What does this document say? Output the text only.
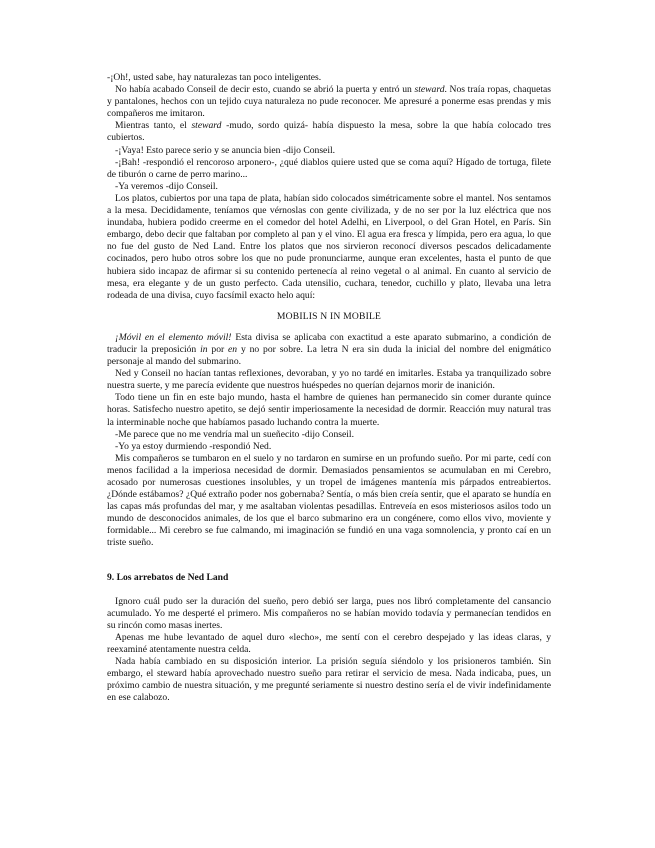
-¡Oh!, usted sabe, hay naturalezas tan poco inteligentes.

No había acabado Conseil de decir esto, cuando se abrió la puerta y entró un steward. Nos traía ropas, chaquetas y pantalones, hechos con un tejido cuya naturaleza no pude reconocer. Me apresuré a ponerme esas prendas y mis compañeros me imitaron.

Mientras tanto, el steward -mudo, sordo quizá- había dispuesto la mesa, sobre la que había colocado tres cubiertos.

-¡Vaya! Esto parece serio y se anuncia bien -dijo Conseil.

-¡Bah! -respondió el rencoroso arponero-, ¿qué diablos quiere usted que se coma aquí? Hígado de tortuga, filete de tiburón o carne de perro marino...

-Ya veremos -dijo Conseil.

Los platos, cubiertos por una tapa de plata, habían sido colocados simétricamente sobre el mantel. Nos sentamos a la mesa. Decididamente, teníamos que vérnoslas con gente civilizada, y de no ser por la luz eléctrica que nos inundaba, hubiera podido creerme en el comedor del hotel Adelhi, en Liverpool, o del Gran Hotel, en París. Sin embargo, debo decir que faltaban por completo al pan y el vino. El agua era fresca y límpida, pero era agua, lo que no fue del gusto de Ned Land. Entre los platos que nos sirvieron reconocí diversos pescados delicadamente cocinados, pero hubo otros sobre los que no pude pronunciarme, aunque eran excelentes, hasta el punto de que hubiera sido incapaz de afirmar si su contenido pertenecía al reino vegetal o al animal. En cuanto al servicio de mesa, era elegante y de un gusto perfecto. Cada utensilio, cuchara, tenedor, cuchillo y plato, llevaba una letra rodeada de una divisa, cuyo facsímil exacto helo aquí:

MOBILIS N IN MOBILE

¡Móvil en el elemento móvil! Esta divisa se aplicaba con exactitud a este aparato submarino, a condición de traducir la preposición in por en y no por sobre. La letra N era sin duda la inicial del nombre del enigmático personaje al mando del submarino.

Ned y Conseil no hacían tantas reflexiones, devoraban, y yo no tardé en imitarles. Estaba ya tranquilizado sobre nuestra suerte, y me parecía evidente que nuestros huéspedes no querían dejarnos morir de inanición.

Todo tiene un fin en este bajo mundo, hasta el hambre de quienes han permanecido sin comer durante quince horas. Satisfecho nuestro apetito, se dejó sentir imperiosamente la necesidad de dormir. Reacción muy natural tras la interminable noche que habíamos pasado luchando contra la muerte.

-Me parece que no me vendría mal un sueñecito -dijo Conseil.

-Yo ya estoy durmiendo -respondió Ned.

Mis compañeros se tumbaron en el suelo y no tardaron en sumirse en un profundo sueño. Por mi parte, cedí con menos facilidad a la imperiosa necesidad de dormir. Demasiados pensamientos se acumulaban en mi Cerebro, acosado por numerosas cuestiones insolubles, y un tropel de imágenes mantenía mis párpados entreabiertos. ¿Dónde estábamos? ¿Qué extraño poder nos gobernaba? Sentía, o más bien creía sentir, que el aparato se hundía en las capas más profundas del mar, y me asaltaban violentas pesadillas. Entreveía en esos misteriosos asilos todo un mundo de desconocidos animales, de los que el barco submarino era un congénere, como ellos vivo, moviente y formidable... Mi cerebro se fue calmando, mi imaginación se fundió en una vaga somnolencia, y pronto caí en un triste sueño.

9. Los arrebatos de Ned Land

Ignoro cuál pudo ser la duración del sueño, pero debió ser larga, pues nos libró completamente del cansancio acumulado. Yo me desperté el primero. Mis compañeros no se habían movido todavía y permanecían tendidos en su rincón como masas inertes.

Apenas me hube levantado de aquel duro «lecho», me sentí con el cerebro despejado y las ideas claras, y reexaminé atentamente nuestra celda.

Nada había cambiado en su disposición interior. La prisión seguía siéndolo y los prisioneros también. Sin embargo, el steward había aprovechado nuestro sueño para retirar el servicio de mesa. Nada indicaba, pues, un próximo cambio de nuestra situación, y me pregunté seriamente si nuestro destino sería el de vivir indefinidamente en ese calabozo.
